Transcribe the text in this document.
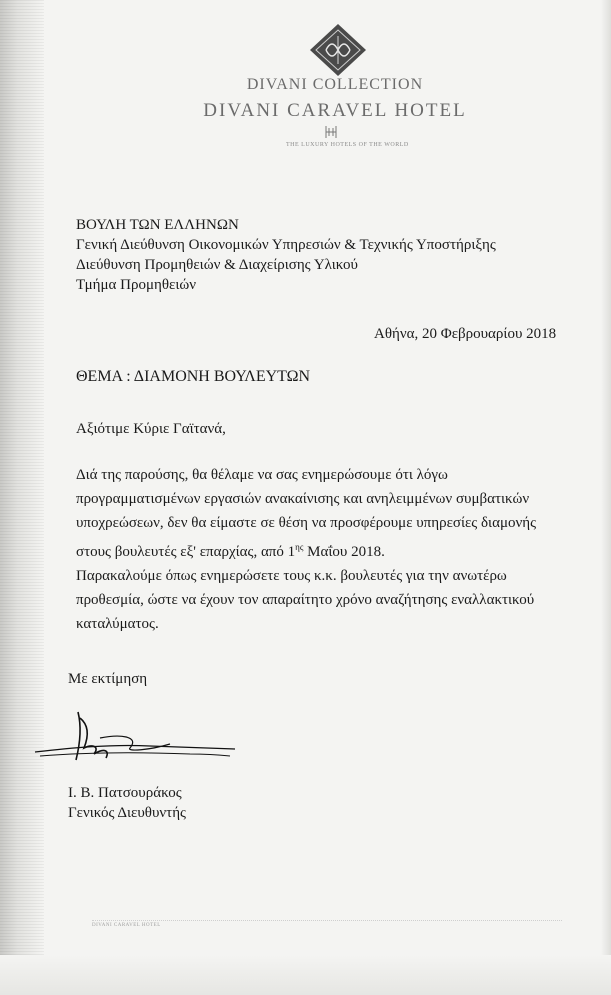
DIVANI COLLECTION
DIVANI CARAVEL HOTEL
THE LUXURY HOTELS OF THE WORLD
ΒΟΥΛΗ ΤΩΝ ΕΛΛΗΝΩΝ
Γενική Διεύθυνση Οικονομικών Υπηρεσιών & Τεχνικής Υποστήριξης
Διεύθυνση Προμηθειών & Διαχείρισης Υλικού
Τμήμα Προμηθειών
Αθήνα, 20 Φεβρουαρίου 2018
ΘΕΜΑ : ΔΙΑΜΟΝΗ ΒΟΥΛΕΥΤΩΝ
Αξιότιμε Κύριε Γαϊτανά,

Διά της παρούσης, θα θέλαμε να σας ενημερώσουμε ότι λόγω

προγραμματισμένων εργασιών ανακαίνισης και ανηλειμμένων συμβατικών

υποχρεώσεων, δεν θα είμαστε σε θέση να προσφέρουμε υπηρεσίες διαμονής

στους βουλευτές εξ' επαρχίας, από $1^{\eta\varsigma}$ Μαΐου 2018.

Παρακαλούμε όπως ενημερώσετε τους κ.κ. βουλευτές για την ανωτέρω

προθεσμία, ώστε να έχουν τον απαραίτητο χρόνο αναζήτησης εναλλακτικού

καταλύματος.

Με εκτίμηση
Ι. Β. Πατσουράκος
Γενικός Διευθυντής
DIVANI CARAVEL HOTEL
